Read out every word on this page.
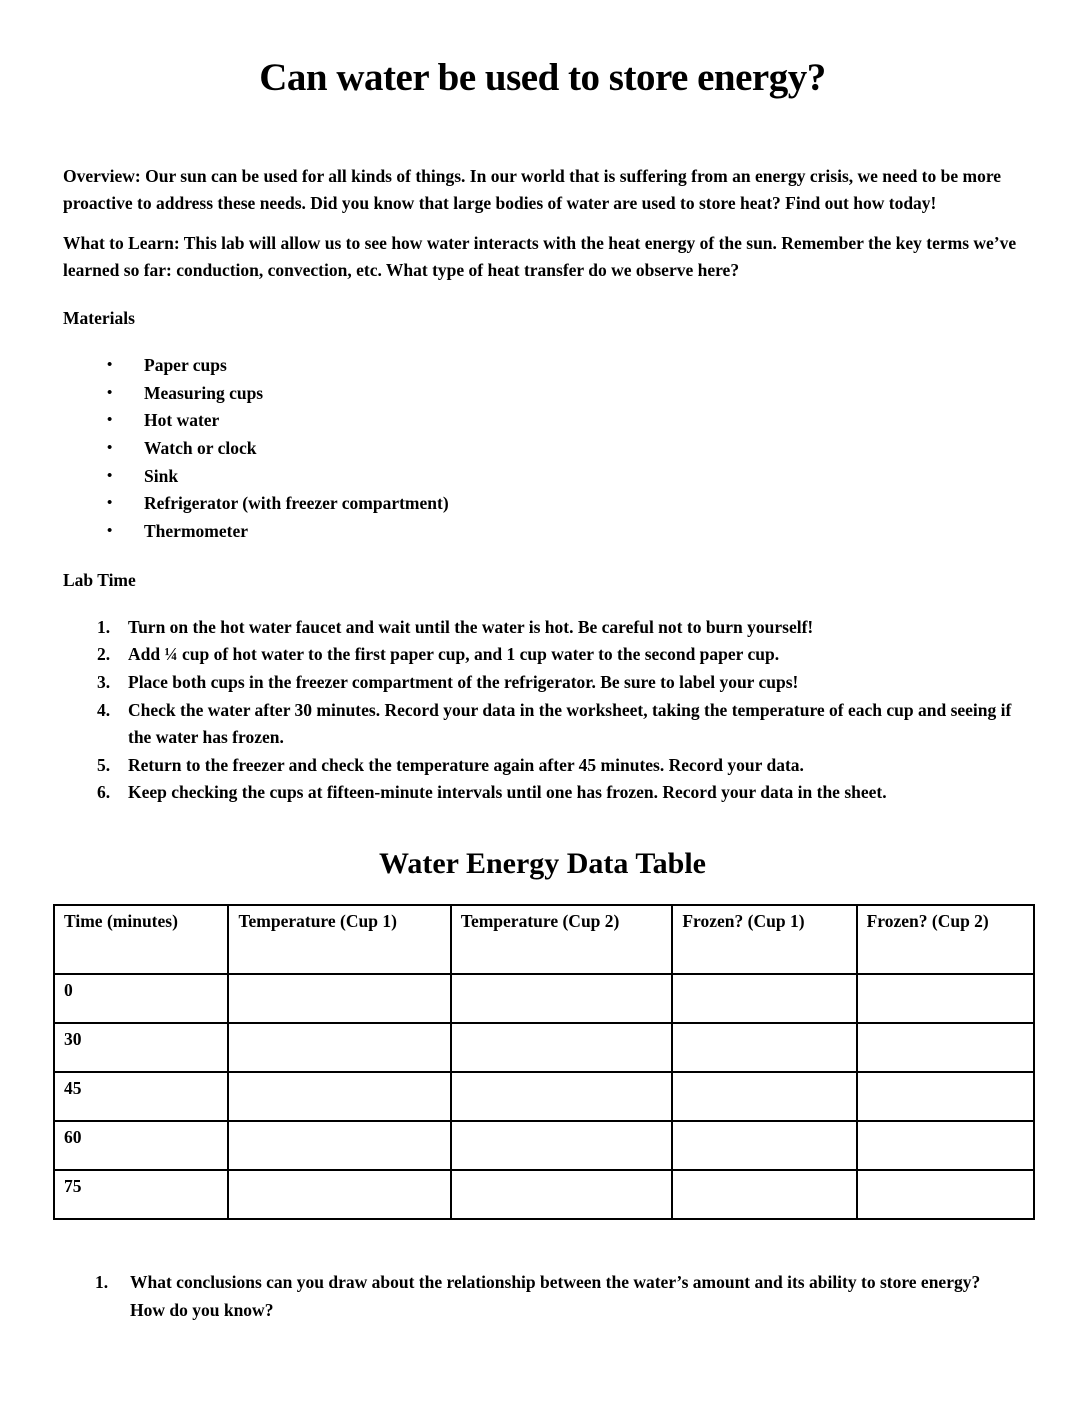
Can water be used to store energy?

Overview: Our sun can be used for all kinds of things. In our world that is suffering from an energy crisis, we need to be more proactive to address these needs. Did you know that large bodies of water are used to store heat? Find out how today!

What to Learn: This lab will allow us to see how water interacts with the heat energy of the sun. Remember the key terms we’ve learned so far: conduction, convection, etc. What type of heat transfer do we observe here?

Materials
•	Paper cups
•	Measuring cups
•	Hot water
•	Watch or clock
•	Sink
•	Refrigerator (with freezer compartment)
•	Thermometer
Lab Time
1.	Turn on the hot water faucet and wait until the water is hot. Be careful not to burn yourself!
2.	Add ¼ cup of hot water to the first paper cup, and 1 cup water to the second paper cup.
3.	Place both cups in the freezer compartment of the refrigerator. Be sure to label your cups!
4.	Check the water after 30 minutes. Record your data in the worksheet, taking the temperature of each cup and seeing if the water has frozen.
5.	Return to the freezer and check the temperature again after 45 minutes. Record your data.
6.	Keep checking the cups at fifteen-minute intervals until one has frozen. Record your data in the sheet.
Water Energy Data Table
Time (minutes)	Temperature (Cup 1)	Temperature (Cup 2)	Frozen? (Cup 1)	Frozen? (Cup 2)
0				
30				
45				
60				
75				
1.	What conclusions can you draw about the relationship between the water’s amount and its ability to store energy? How do you know?
